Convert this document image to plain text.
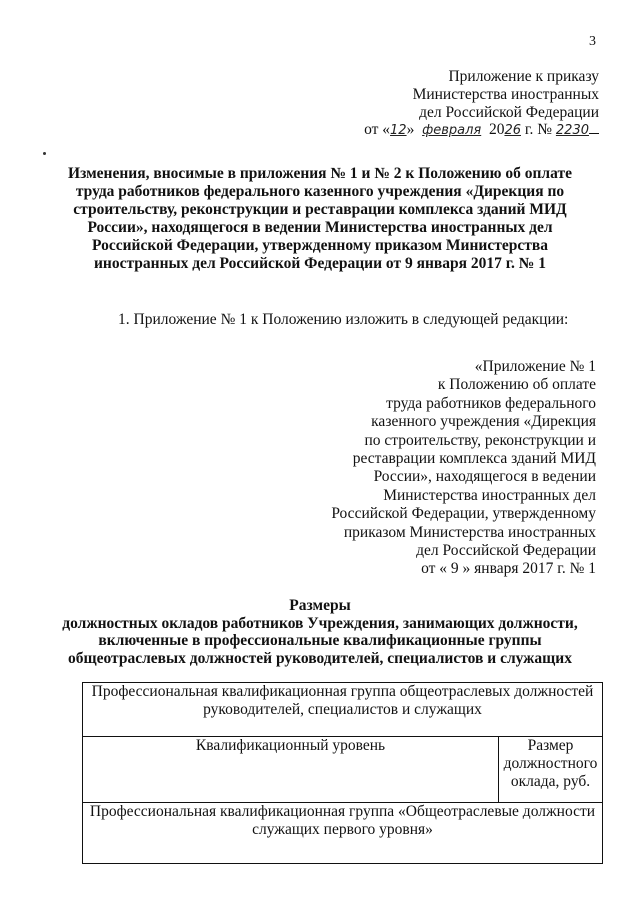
3
Приложение к приказу
Министерства иностранных
дел Российской Федерации
от «12» февраля 2026 г. № 2230
Изменения, вносимые в приложения № 1 и № 2 к Положению об оплате
труда работников федерального казенного учреждения «Дирекция по
строительству, реконструкции и реставрации комплекса зданий МИД
России», находящегося в ведении Министерства иностранных дел
Российской Федерации, утвержденному приказом Министерства
иностранных дел Российской Федерации от 9 января 2017 г. № 1
1. Приложение № 1 к Положению изложить в следующей редакции:
«Приложение № 1
к Положению об оплате
труда работников федерального
казенного учреждения «Дирекция
по строительству, реконструкции и
реставрации комплекса зданий МИД
России», находящегося в ведении
Министерства иностранных дел
Российской Федерации, утвержденному
приказом Министерства иностранных
дел Российской Федерации
от « 9 » января 2017 г. № 1
Размеры
должностных окладов работников Учреждения, занимающих должности,
включенные в профессиональные квалификационные группы
общеотраслевых должностей руководителей, специалистов и служащих
Профессиональная квалификационная группа общеотраслевых должностей
руководителей, специалистов и служащих

Квалификационный уровень	Размер
должностного
оклада, руб.

Профессиональная квалификационная группа «Общеотраслевые должности
служащих первого уровня»
